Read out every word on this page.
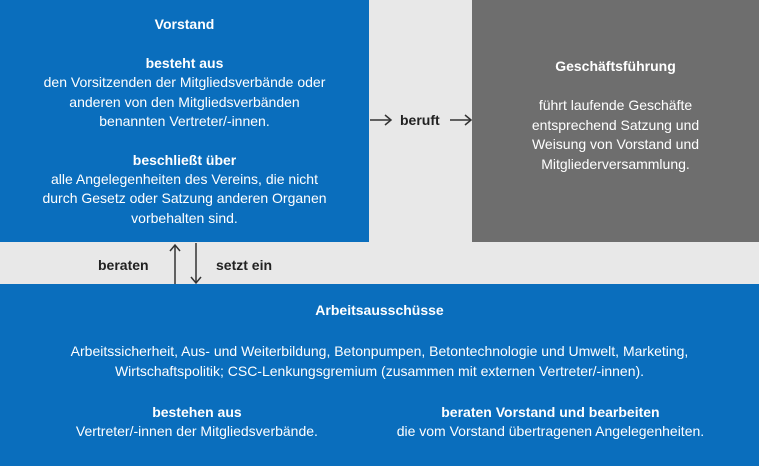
Vorstand
besteht aus
den Vorsitzenden der Mitgliedsverbände oder
anderen von den Mitgliedsverbänden
benannten Vertreter/-innen.
beschließt über
alle Angelegenheiten des Vereins, die nicht
durch Gesetz oder Satzung anderen Organen
vorbehalten sind.
beruft
Geschäftsführung
führt laufende Geschäfte
entsprechend Satzung und
Weisung von Vorstand und
Mitgliederversammlung.
beraten	setzt ein
Arbeitsausschüsse
Arbeitssicherheit, Aus- und Weiterbildung, Betonpumpen, Betontechnologie und Umwelt, Marketing,
Wirtschaftspolitik; CSC-Lenkungsgremium (zusammen mit externen Vertreter/-innen).
bestehen aus
Vertreter/-innen der Mitgliedsverbände.
beraten Vorstand und bearbeiten
die vom Vorstand übertragenen Angelegenheiten.
